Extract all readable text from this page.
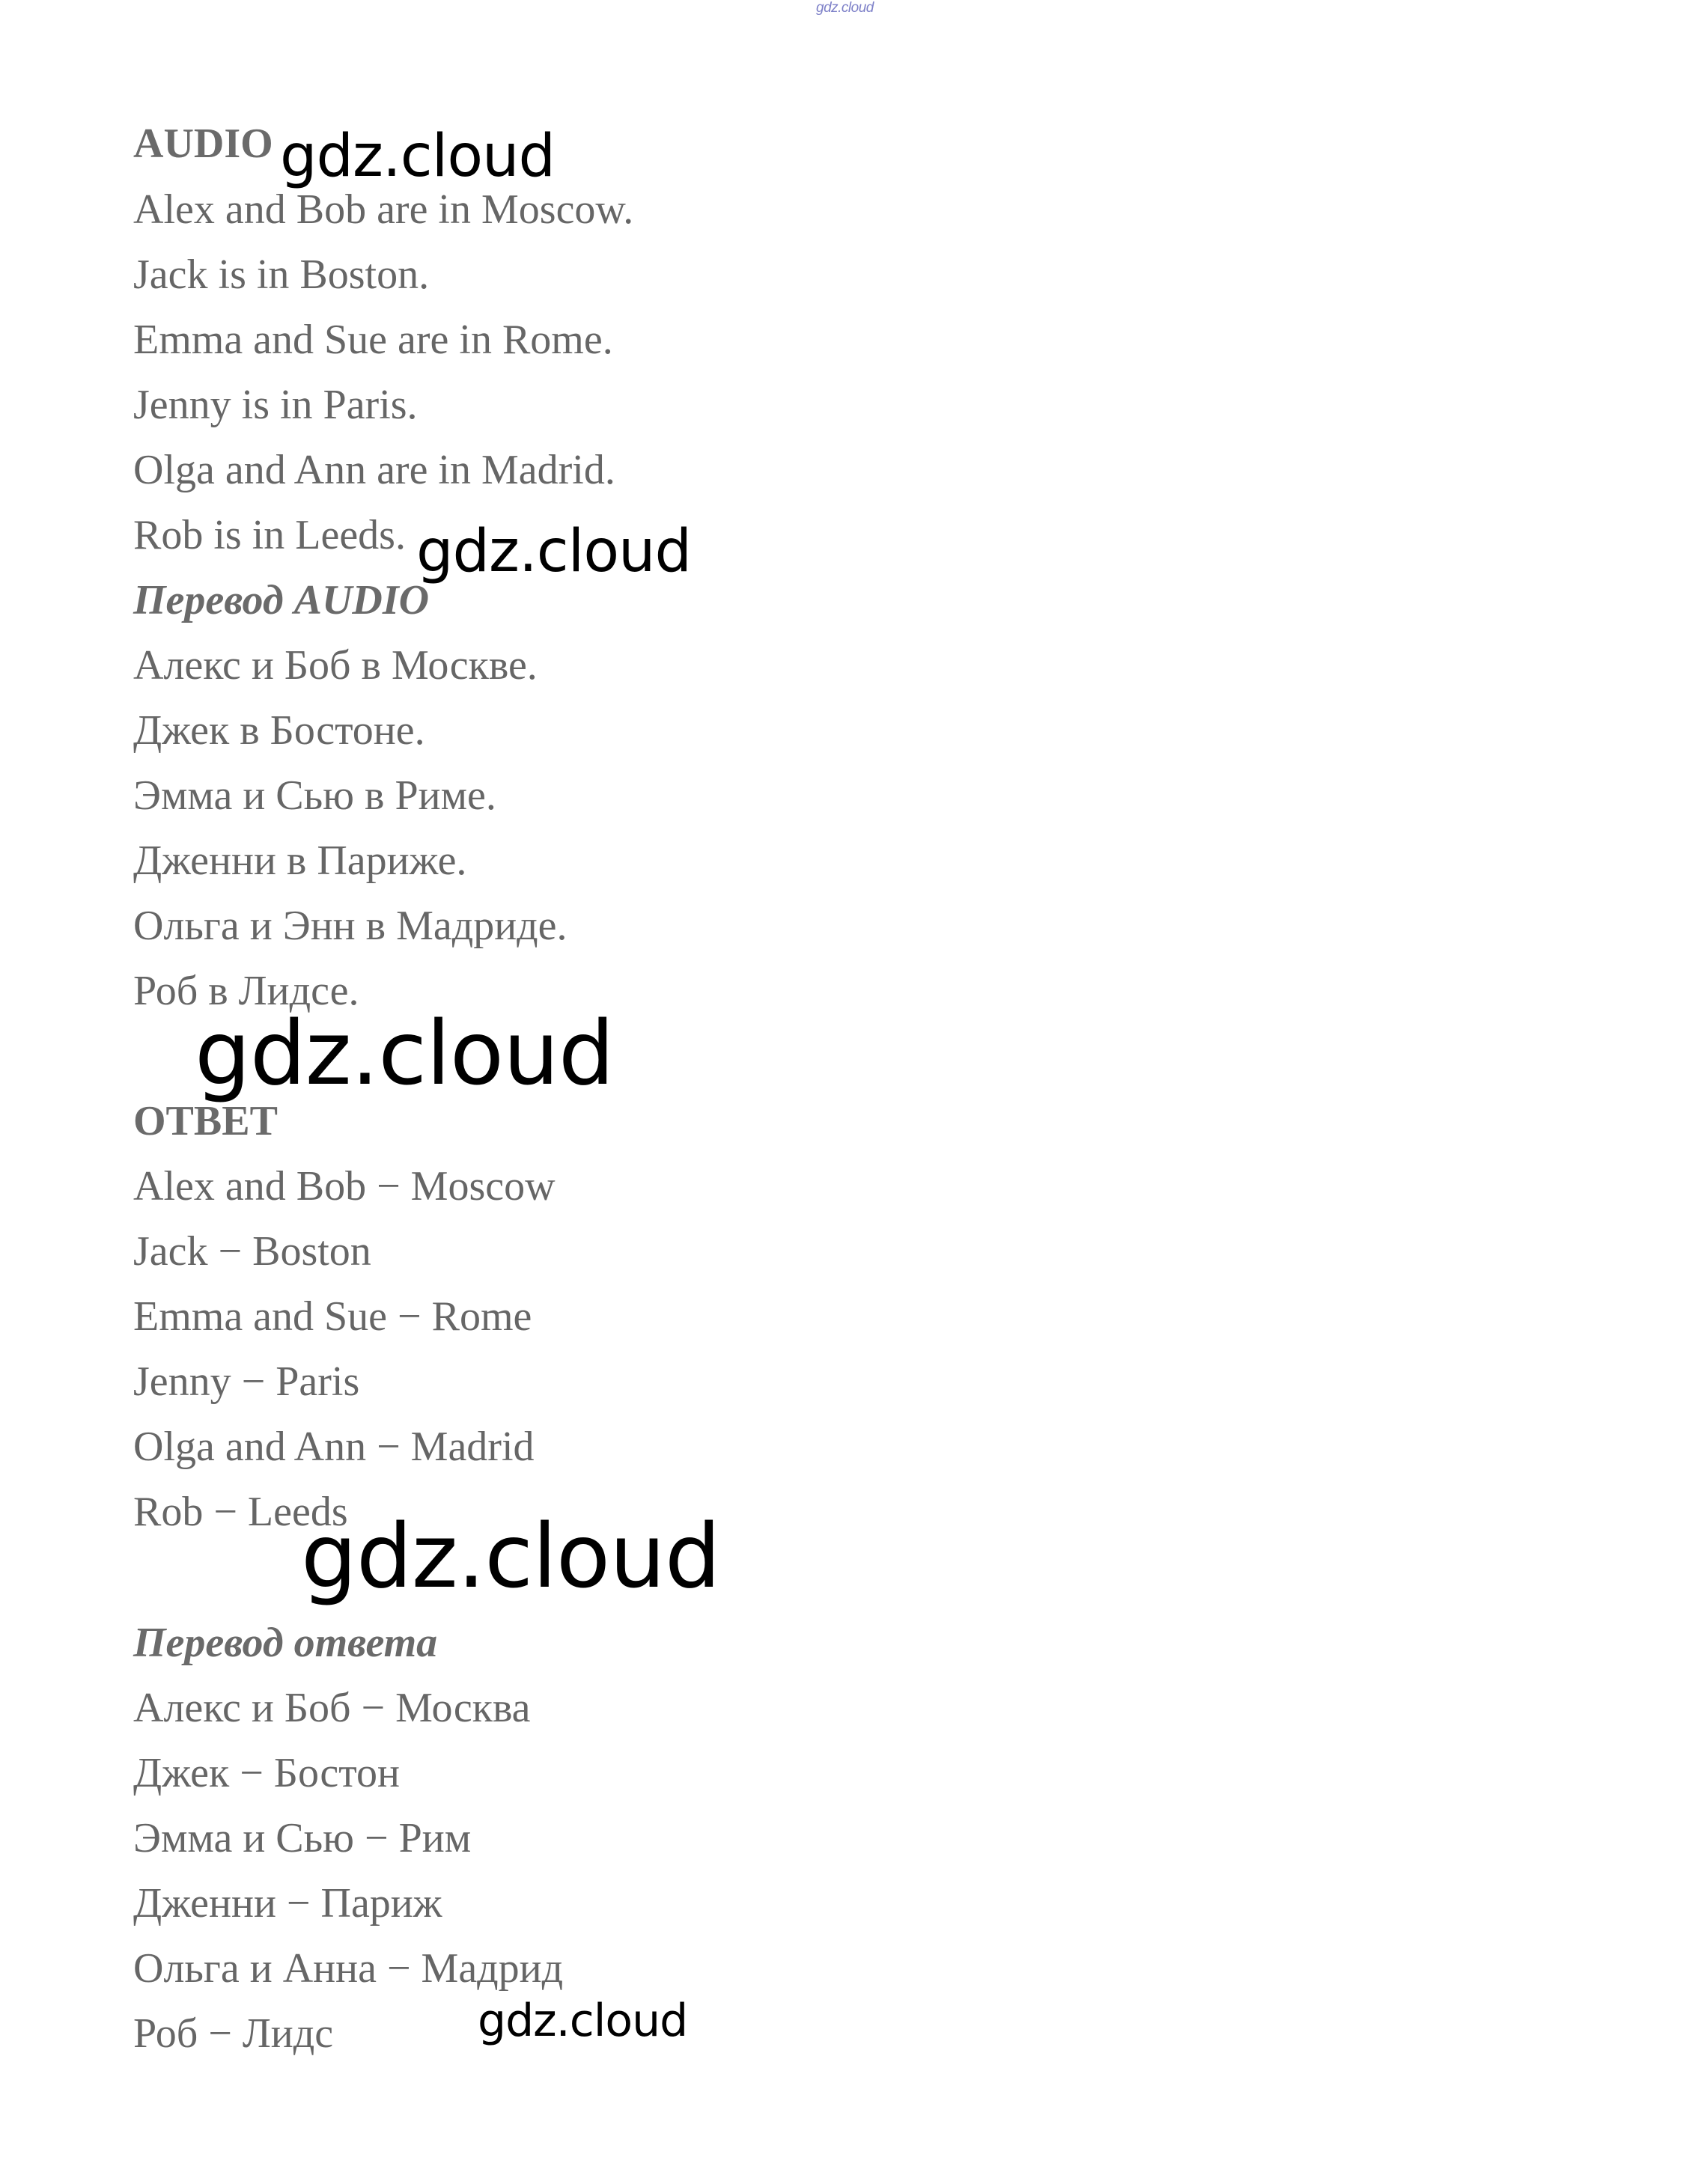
gdz.cloud
AUDIO
Alex and Bob are in Moscow.
Jack is in Boston.
Emma and Sue are in Rome.
Jenny is in Paris.
Olga and Ann are in Madrid.
Rob is in Leeds.
Перевод AUDIO
Алекс и Боб в Москве.
Джек в Бостоне.
Эмма и Сью в Риме.
Дженни в Париже.
Ольга и Энн в Мадриде.
Роб в Лидсе.
ОТВЕТ
Alex and Bob − Moscow
Jack − Boston
Emma and Sue − Rome
Jenny − Paris
Olga and Ann − Madrid
Rob − Leeds
Перевод ответа
Алекс и Боб − Москва
Джек − Бостон
Эмма и Сью − Рим
Дженни − Париж
Ольга и Анна − Мадрид
Роб − Лидс
gdz.cloud
gdz.cloud
gdz.cloud
gdz.cloud
gdz.cloud
